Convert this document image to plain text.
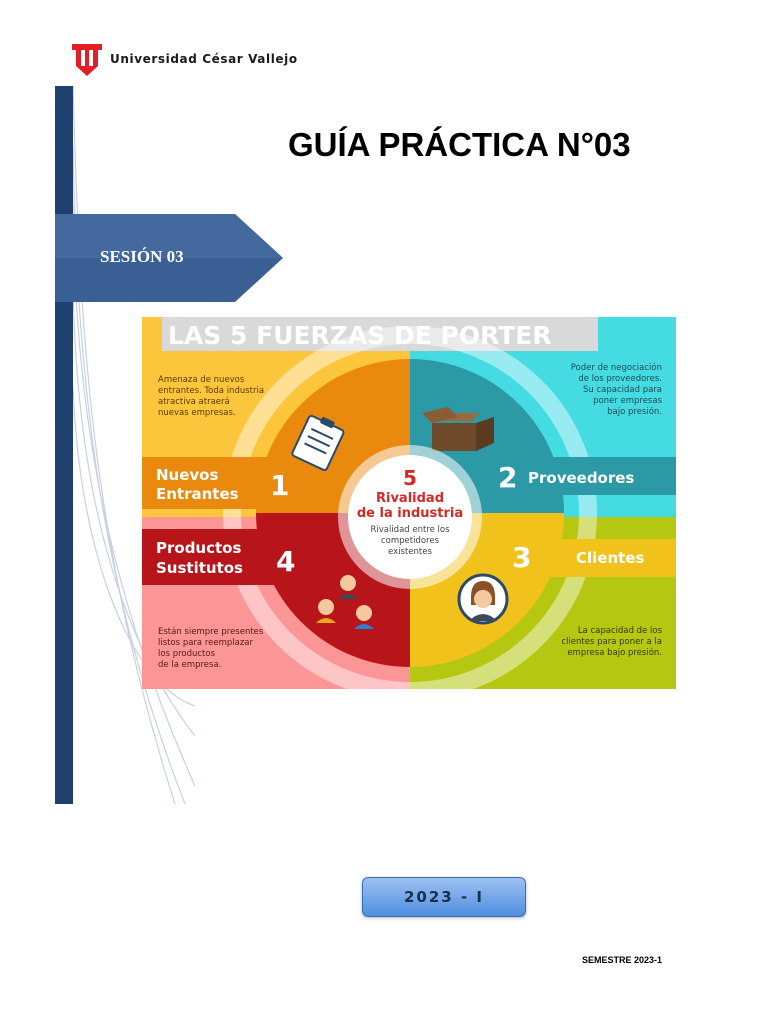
Universidad César Vallejo
GUÍA PRÁCTICA N°03
SESIÓN 03
LAS 5 FUERZAS DE PORTER
Nuevos
Entrantes 1
Amenaza de nuevos
entrantes. Toda industria
atractiva atraerá
nuevas empresas.
Proveedores
2
Poder de negociación
de los proveedores.
Su capacidad para
poner empresas
bajo presión.
Clientes
3
La capacidad de los
clientes para poner a la
empresa bajo presión.
Productos
Sustitutos 4
Están siempre presentes
listos para reemplazar
los productos
de la empresa.
5
Rivalidad
de la industria
Rivalidad entre los
competidores
existentes
2023 - I
SEMESTRE 2023-1
